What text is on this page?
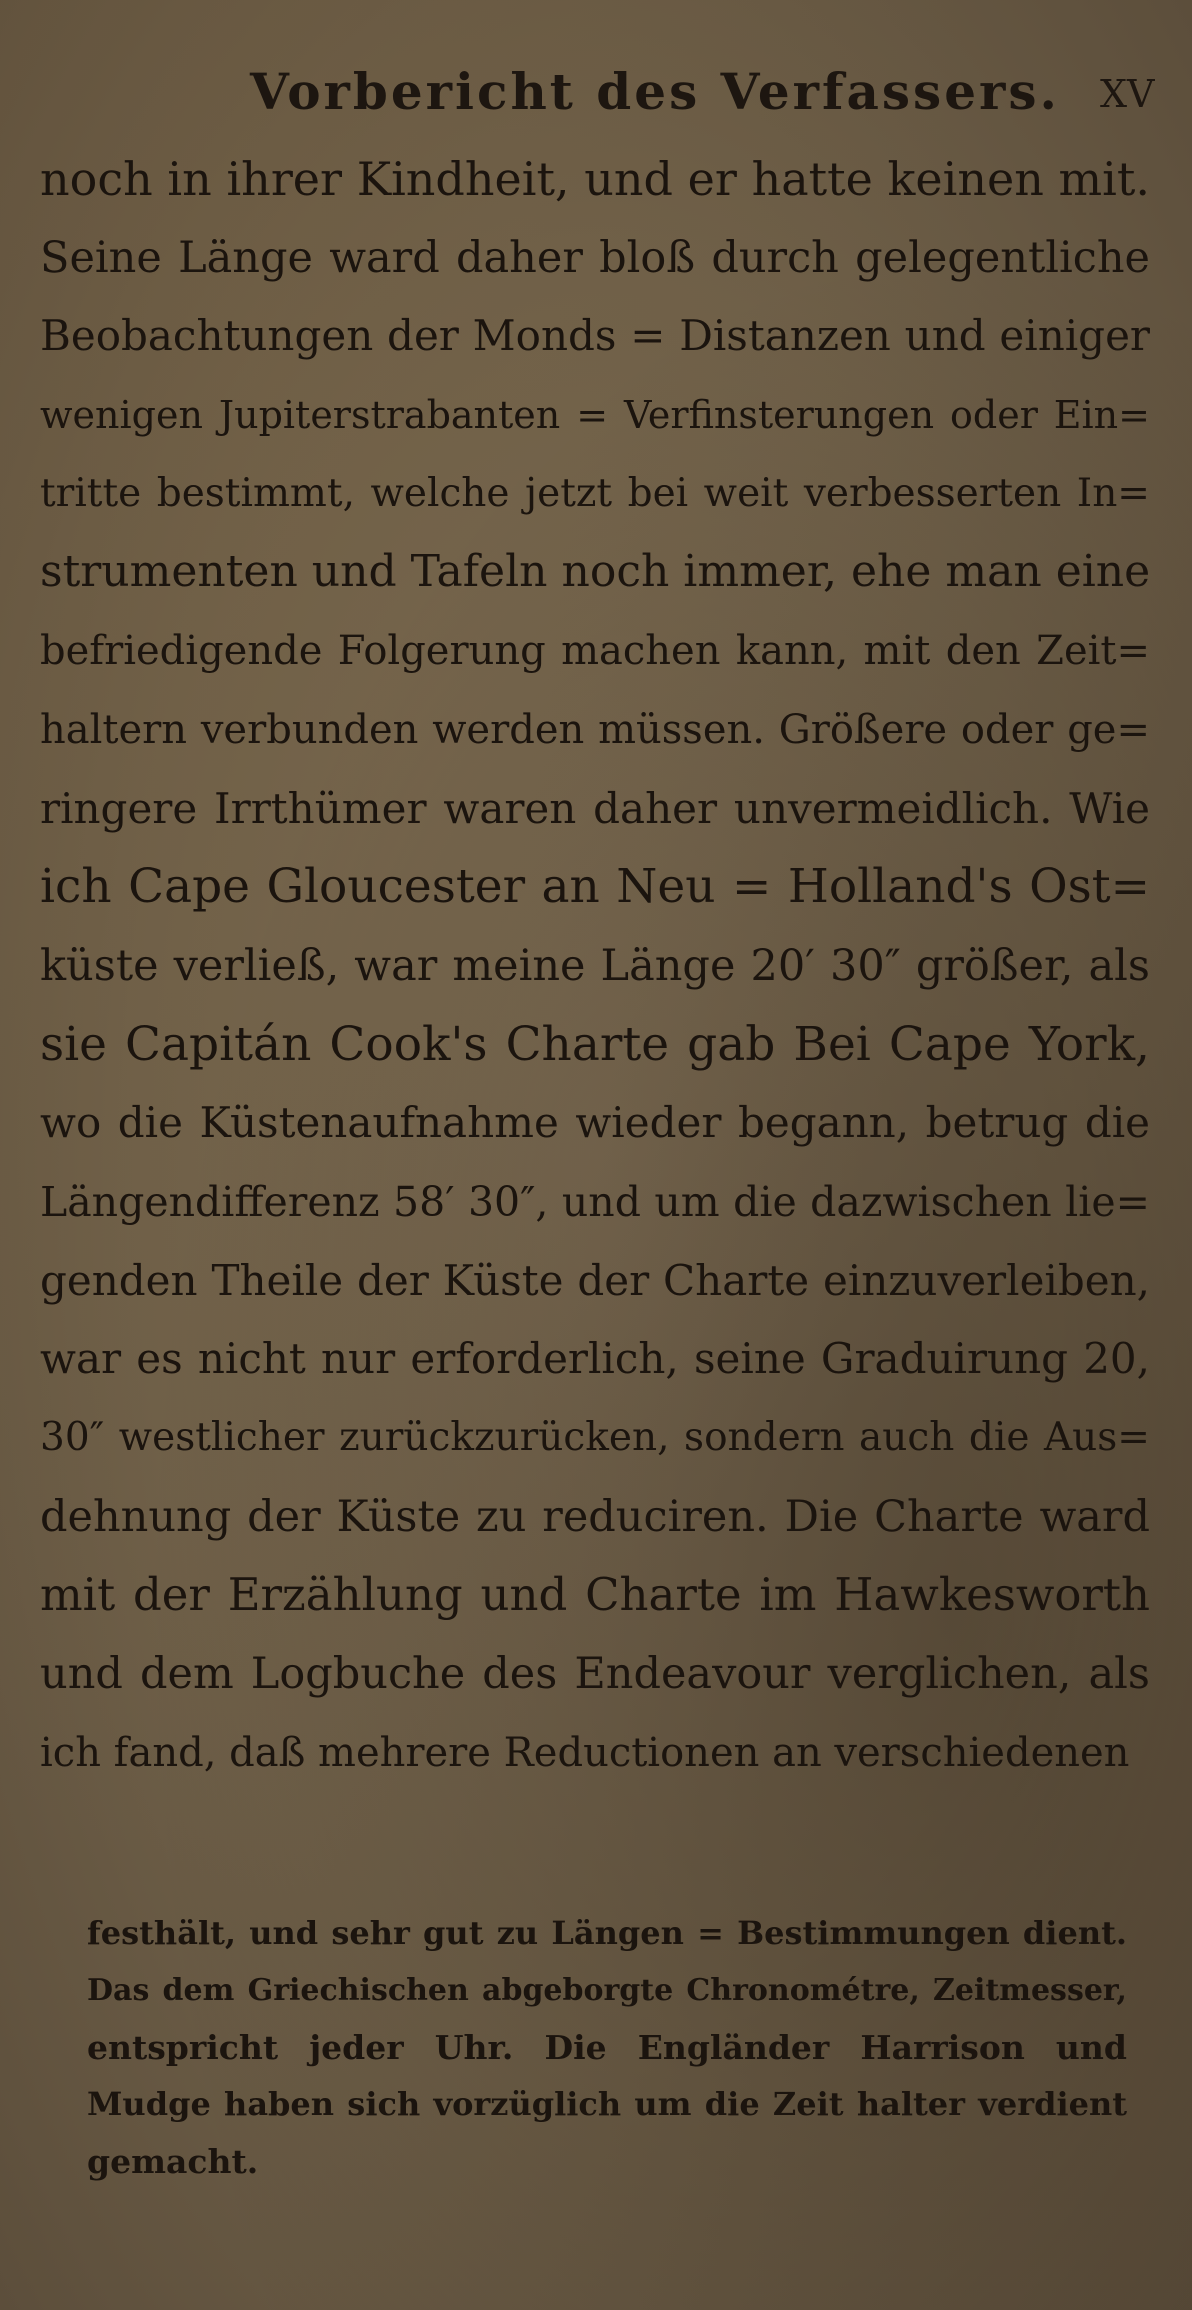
Vorbericht des Verfassers. XV
noch in ihrer Kindheit, und er hatte keinen mit.
Seine Länge ward daher bloß durch gelegentliche
Beobachtungen der Monds = Distanzen und einiger
wenigen Jupiterstrabanten = Verfinsterungen oder Ein=
tritte bestimmt, welche jetzt bei weit verbesserten In=
strumenten und Tafeln noch immer, ehe man eine
befriedigende Folgerung machen kann, mit den Zeit=
haltern verbunden werden müssen. Größere oder ge=
ringere Irrthümer waren daher unvermeidlich. Wie
ich Cape Gloucester an Neu = Holland's Ost=
küste verließ, war meine Länge 20′ 30″ größer, als
sie Capitán Cook's Charte gab Bei Cape York,
wo die Küstenaufnahme wieder begann, betrug die
Längendifferenz 58′ 30″, und um die dazwischen lie=
genden Theile der Küste der Charte einzuverleiben,
war es nicht nur erforderlich, seine Graduirung 20,
30″ westlicher zurückzurücken, sondern auch die Aus=
dehnung der Küste zu reduciren. Die Charte ward
mit der Erzählung und Charte im Hawkesworth
und dem Logbuche des Endeavour verglichen, als
ich fand, daß mehrere Reductionen an verschiedenen
festhält, und sehr gut zu Längen = Bestimmungen dient.
Das dem Griechischen abgeborgte Chronométre, Zeitmesser,
entspricht jeder Uhr. Die Engländer Harrison und
Mudge haben sich vorzüglich um die Zeit halter verdient
gemacht.
